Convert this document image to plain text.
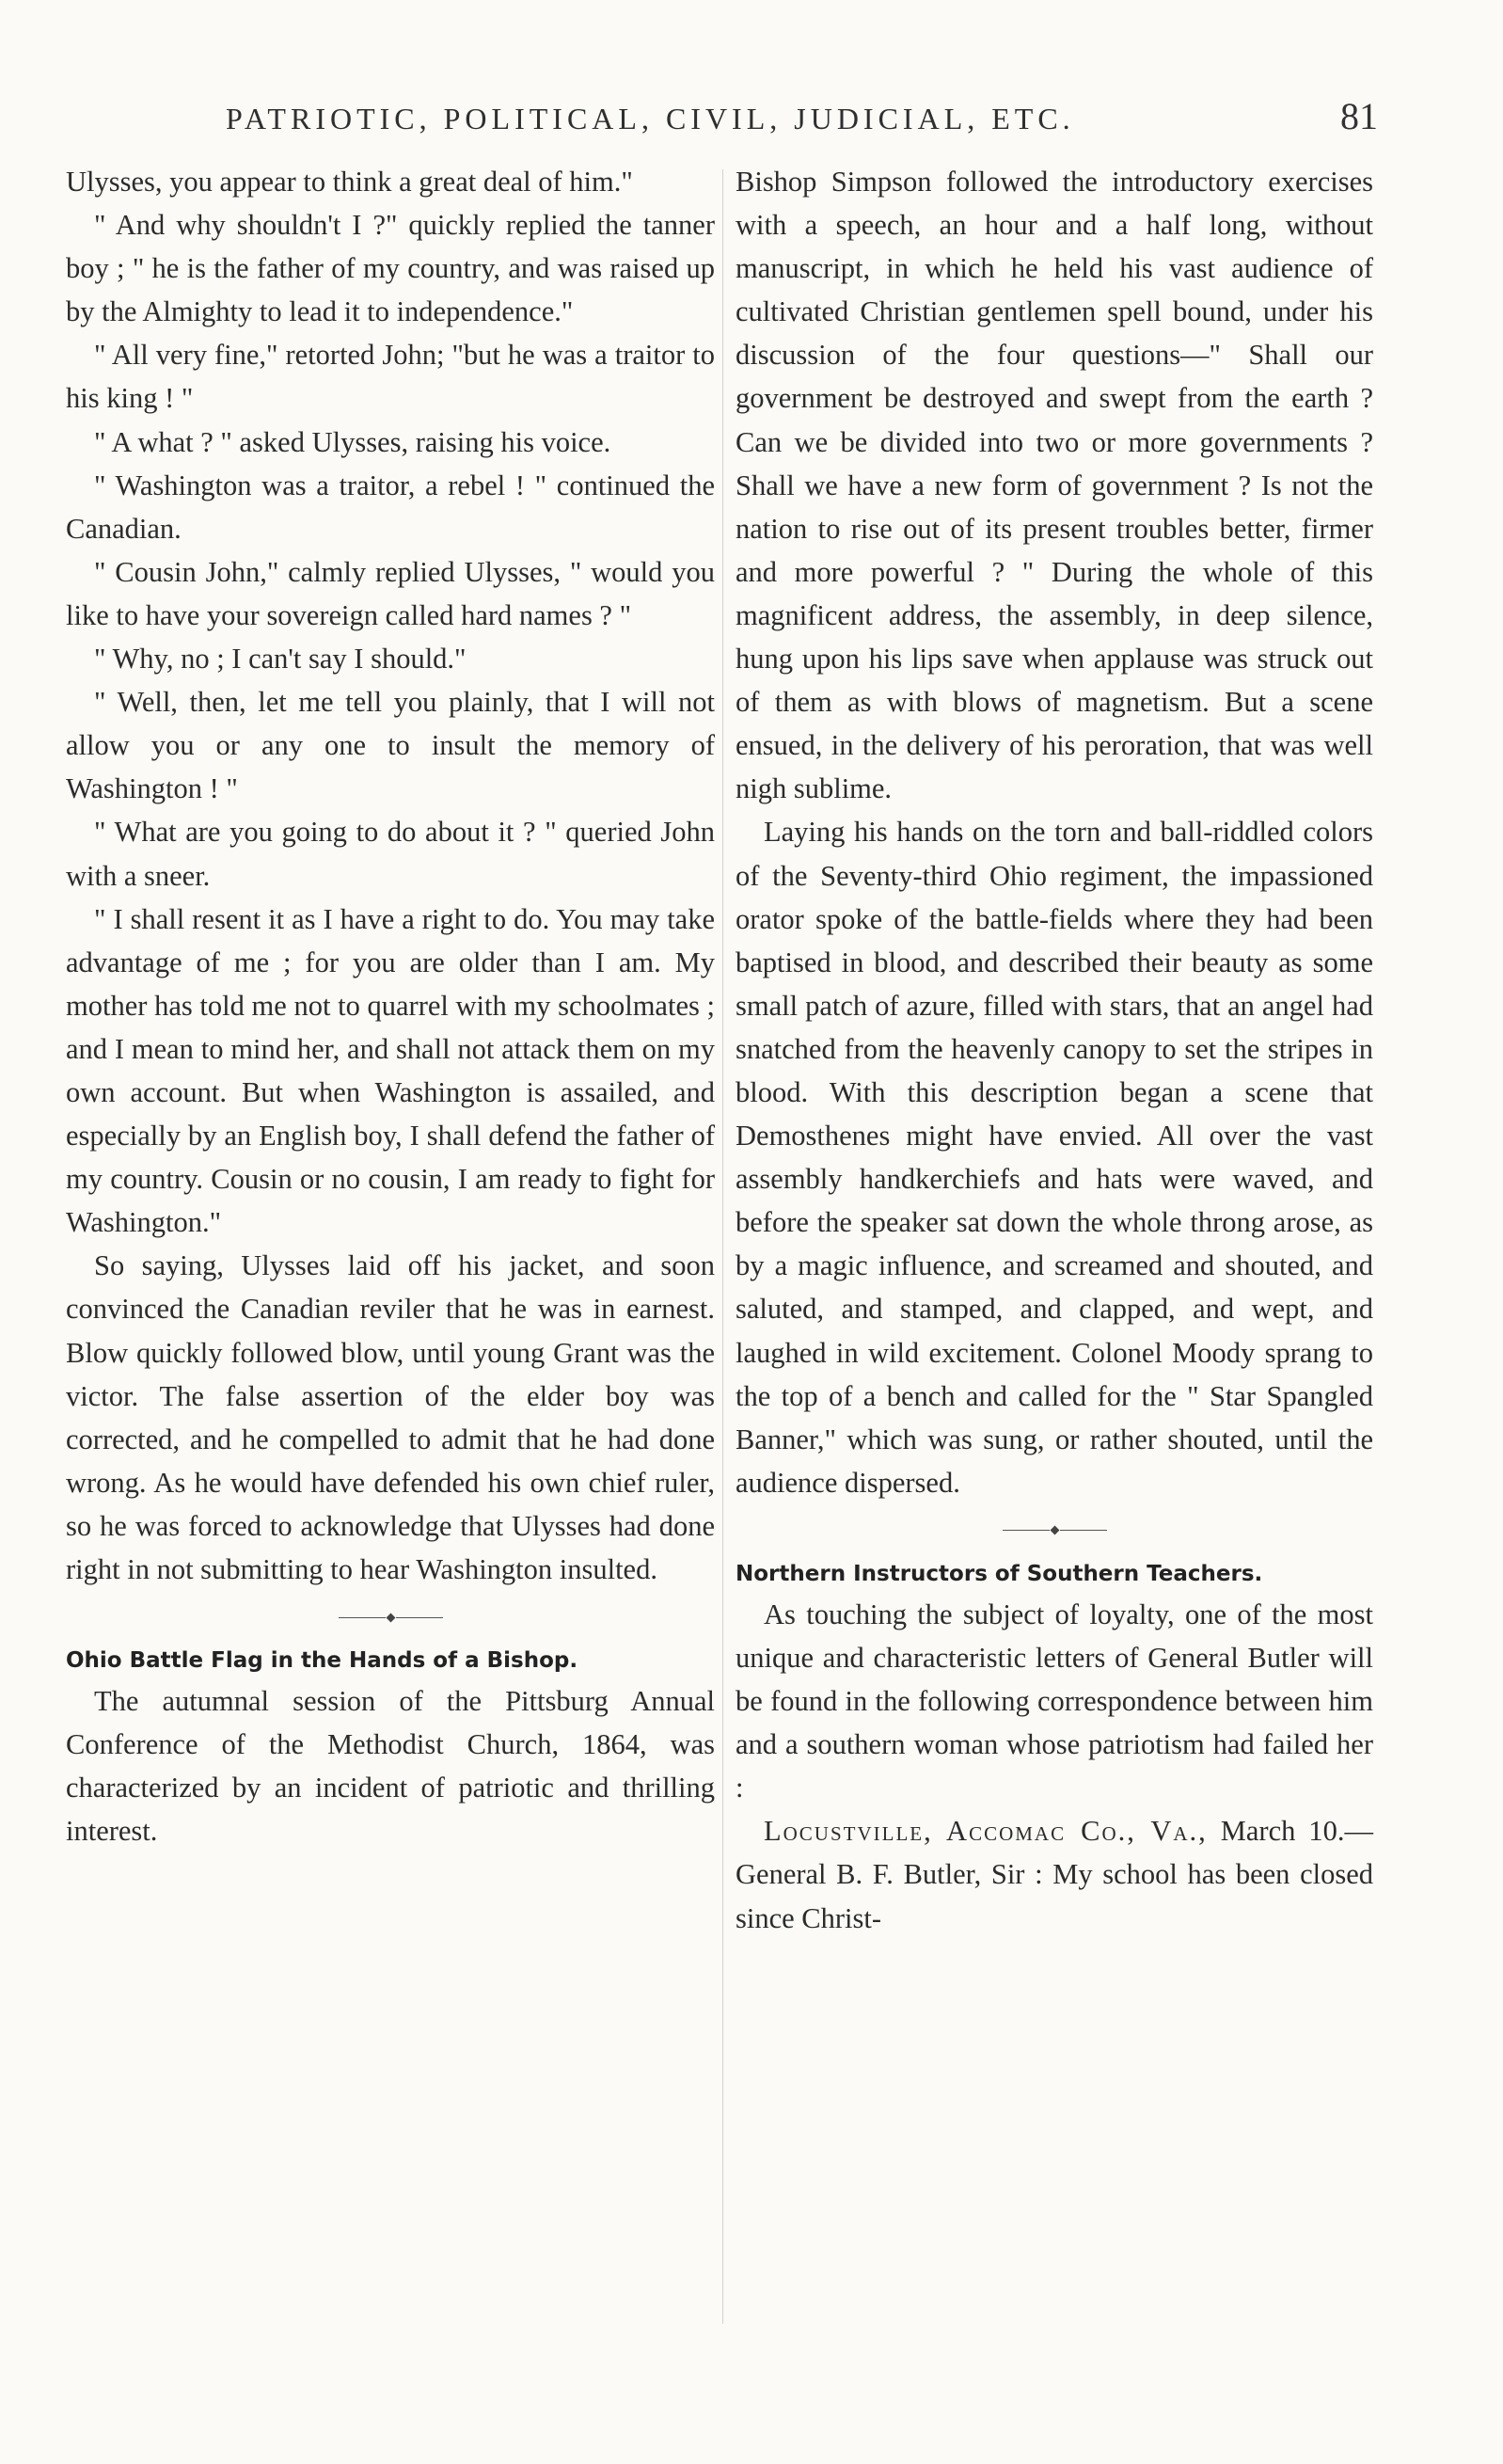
PATRIOTIC, POLITICAL, CIVIL, JUDICIAL, ETC.	81

Ulysses, you appear to think a great deal of him."

" And why shouldn't I ?" quickly replied the tanner boy ; " he is the father of my country, and was raised up by the Almighty to lead it to independence."

" All very fine," retorted John; "but he was a traitor to his king ! "

" A what ? " asked Ulysses, raising his voice.

" Washington was a traitor, a rebel ! " continued the Canadian.

" Cousin John," calmly replied Ulysses, " would you like to have your sovereign called hard names ? "

" Why, no ; I can't say I should."

" Well, then, let me tell you plainly, that I will not allow you or any one to insult the memory of Washington ! "

" What are you going to do about it ? " queried John with a sneer.

" I shall resent it as I have a right to do. You may take advantage of me ; for you are older than I am. My mother has told me not to quarrel with my schoolmates ; and I mean to mind her, and shall not attack them on my own account. But when Washington is assailed, and especially by an English boy, I shall defend the father of my country. Cousin or no cousin, I am ready to fight for Washington."

So saying, Ulysses laid off his jacket, and soon convinced the Canadian reviler that he was in earnest. Blow quickly followed blow, until young Grant was the victor. The false assertion of the elder boy was corrected, and he compelled to admit that he had done wrong. As he would have defended his own chief ruler, so he was forced to acknowledge that Ulysses had done right in not submitting to hear Washington insulted.

Ohio Battle Flag in the Hands of a Bishop.

The autumnal session of the Pittsburg Annual Conference of the Methodist Church, 1864, was characterized by an incident of patriotic and thrilling interest.

Bishop Simpson followed the introductory exercises with a speech, an hour and a half long, without manuscript, in which he held his vast audience of cultivated Christian gentlemen spell bound, under his discussion of the four questions—" Shall our government be destroyed and swept from the earth ? Can we be divided into two or more governments ? Shall we have a new form of government ? Is not the nation to rise out of its present troubles better, firmer and more powerful ? " During the whole of this magnificent address, the assembly, in deep silence, hung upon his lips save when applause was struck out of them as with blows of magnetism. But a scene ensued, in the delivery of his peroration, that was well nigh sublime.

Laying his hands on the torn and ball-riddled colors of the Seventy-third Ohio regiment, the impassioned orator spoke of the battle-fields where they had been baptised in blood, and described their beauty as some small patch of azure, filled with stars, that an angel had snatched from the heavenly canopy to set the stripes in blood. With this description began a scene that Demosthenes might have envied. All over the vast assembly handkerchiefs and hats were waved, and before the speaker sat down the whole throng arose, as by a magic influence, and screamed and shouted, and saluted, and stamped, and clapped, and wept, and laughed in wild excitement. Colonel Moody sprang to the top of a bench and called for the " Star Spangled Banner," which was sung, or rather shouted, until the audience dispersed.

Northern Instructors of Southern Teachers.

As touching the subject of loyalty, one of the most unique and characteristic letters of General Butler will be found in the following correspondence between him and a southern woman whose patriotism had failed her :

Locustville, Accomac Co., Va., March 10.—General B. F. Butler, Sir : My school has been closed since Christ-
